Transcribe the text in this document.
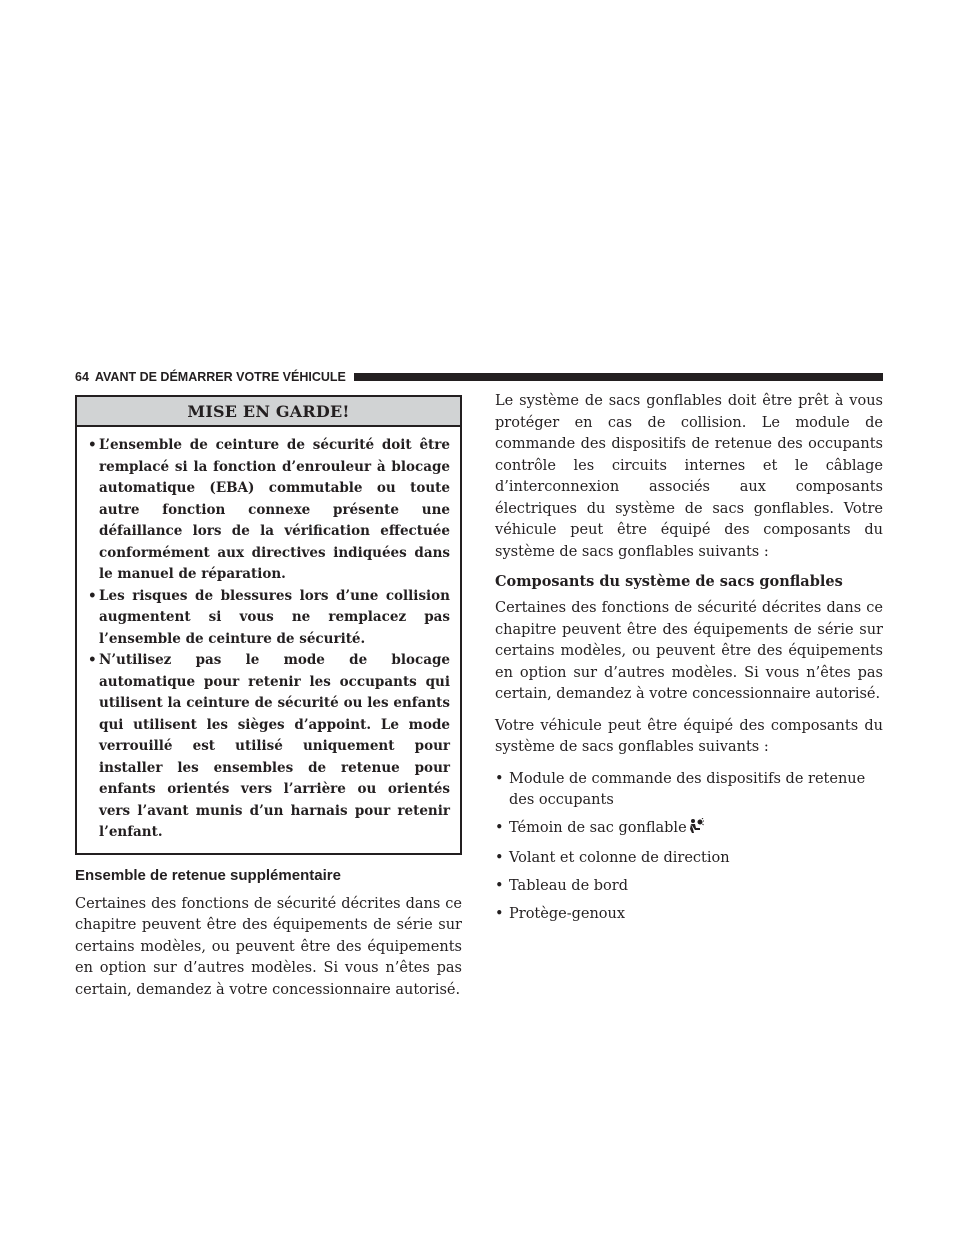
64 AVANT DE DÉMARRER VOTRE VÉHICULE
MISE EN GARDE!
• L’ensemble de ceinture de sécurité doit être remplacé si la fonction d’enrouleur à blocage automatique (EBA) commutable ou toute autre fonction connexe présente une défaillance lors de la vérification effectuée conformément aux directives indiquées dans le manuel de réparation.
• Les risques de blessures lors d’une collision augmentent si vous ne remplacez pas l’ensemble de ceinture de sécurité.
• N’utilisez pas le mode de blocage automatique pour retenir les occupants qui utilisent la ceinture de sécurité ou les enfants qui utilisent les sièges d’appoint. Le mode verrouillé est utilisé uniquement pour installer les ensembles de retenue pour enfants orientés vers l’arrière ou orientés vers l’avant munis d’un harnais pour retenir l’enfant.
Ensemble de retenue supplémentaire

Certaines des fonctions de sécurité décrites dans ce chapitre peuvent être des équipements de série sur certains modèles, ou peuvent être des équipements en option sur d’autres modèles. Si vous n’êtes pas certain, demandez à votre concessionnaire autorisé.

Le système de sacs gonflables doit être prêt à vous protéger en cas de collision. Le module de commande des dispositifs de retenue des occupants contrôle les circuits internes et le câblage d’interconnexion associés aux composants électriques du système de sacs gonflables. Votre véhicule peut être équipé des composants du système de sacs gonflables suivants :

Composants du système de sacs gonflables

Certaines des fonctions de sécurité décrites dans ce chapitre peuvent être des équipements de série sur certains modèles, ou peuvent être des équipements en option sur d’autres modèles. Si vous n’êtes pas certain, demandez à votre concessionnaire autorisé.

Votre véhicule peut être équipé des composants du système de sacs gonflables suivants :

• Module de commande des dispositifs de retenue des occupants
• Témoin de sac gonflable
• Volant et colonne de direction
• Tableau de bord
• Protège-genoux
